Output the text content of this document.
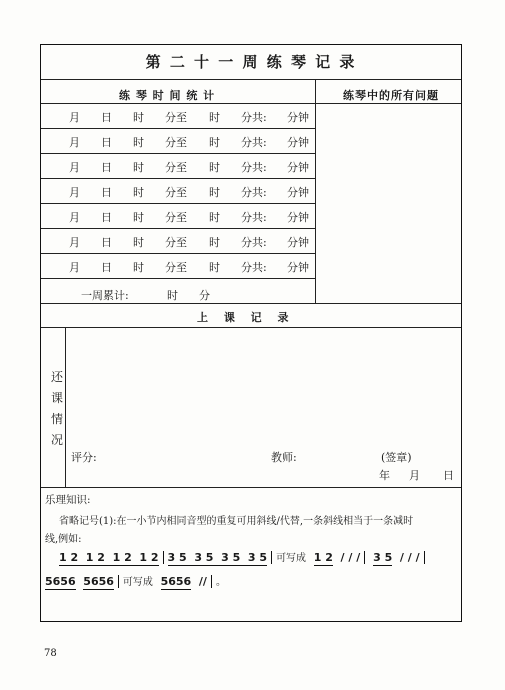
第 二 十 一 周 练 琴 记 录
练 琴 时 间 统 计	练琴中的所有问题
月 日 时 分至 时 分共: 分钟
月 日 时 分至 时 分共: 分钟
月 日 时 分至 时 分共: 分钟
月 日 时 分至 时 分共: 分钟
月 日 时 分至 时 分共: 分钟
月 日 时 分至 时 分共: 分钟
月 日 时 分至 时 分共: 分钟
一周累计:	时 分
上 课 记 录
还
课
情
况
评分:	教师:	(签章)
年 月 日
乐理知识:
省略记号(1):在一小节内相同音型的重复可用斜线/代替,一条斜线相当于一条减时
线,例如:
1 2  1 2  1 2  1 2 3 5  3 5  3 5  3 5 可写成 1 2 / / / 3 5 / / /
5656 5656 可写成 5656 // 。
78
